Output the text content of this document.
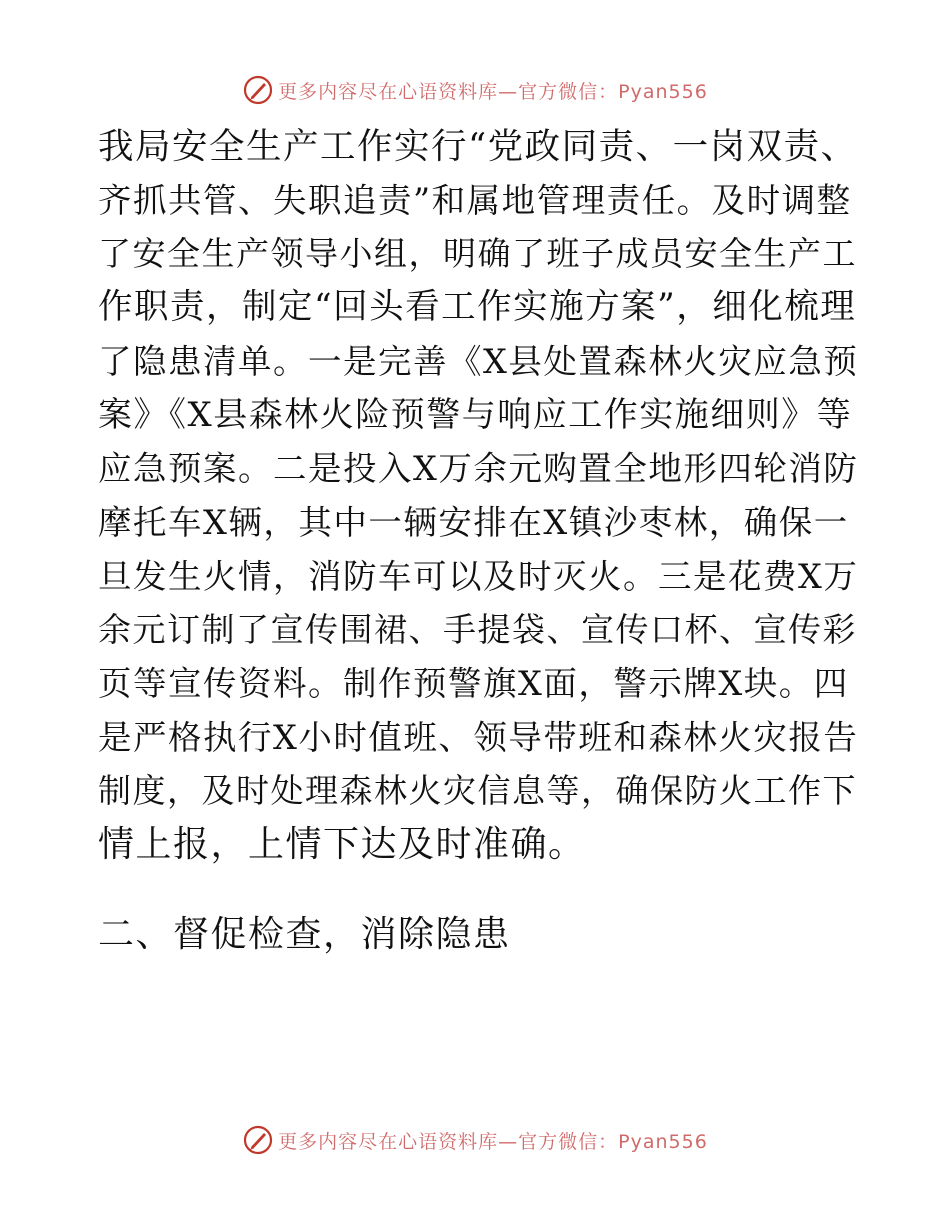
更多内容尽在心语资料库—官方微信：Pyan556

我局安全生产工作实行“党政同责、一岗双责、
齐抓共管、失职追责”和属地管理责任。及时调整
了安全生产领导小组，明确了班子成员安全生产工
作职责，制定“回头看工作实施方案”，细化梳理
了隐患清单。一是完善《X县处置森林火灾应急预
案》《X县森林火险预警与响应工作实施细则》等
应急预案。二是投入X万余元购置全地形四轮消防
摩托车X辆，其中一辆安排在X镇沙枣林，确保一
旦发生火情，消防车可以及时灭火。三是花费X万
余元订制了宣传围裙、手提袋、宣传口杯、宣传彩
页等宣传资料。制作预警旗X面，警示牌X块。四
是严格执行X小时值班、领导带班和森林火灾报告
制度，及时处理森林火灾信息等，确保防火工作下
情上报，上情下达及时准确。

二、督促检查，消除隐患

更多内容尽在心语资料库—官方微信：Pyan556
